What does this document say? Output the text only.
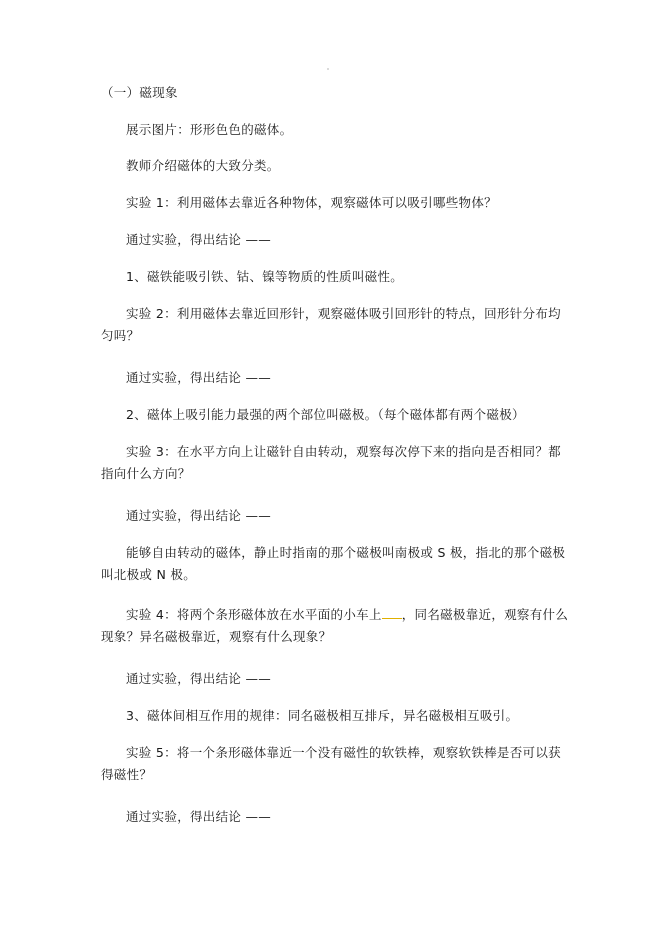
（一）磁现象
展示图片：形形色色的磁体。
教师介绍磁体的大致分类。
实验 1：利用磁体去靠近各种物体，观察磁体可以吸引哪些物体？
通过实验，得出结论 ——
1、磁铁能吸引铁、钴、镍等物质的性质叫磁性。
实验 2：利用磁体去靠近回形针，观察磁体吸引回形针的特点，回形针分布均匀吗？
通过实验，得出结论 ——
2、磁体上吸引能力最强的两个部位叫磁极。（每个磁体都有两个磁极）
实验 3：在水平方向上让磁针自由转动，观察每次停下来的指向是否相同？都指向什么方向？
通过实验，得出结论 ——
能够自由转动的磁体，静止时指南的那个磁极叫南极或 S 极，指北的那个磁极叫北极或 N 极。
实验 4：将两个条形磁体放在水平面的小车上 ，同名磁极靠近，观察有什么现象？异名磁极靠近，观察有什么现象？
通过实验，得出结论 ——
3、磁体间相互作用的规律：同名磁极相互排斥，异名磁极相互吸引。
实验 5：将一个条形磁体靠近一个没有磁性的软铁棒，观察软铁棒是否可以获得磁性？
通过实验，得出结论 ——
